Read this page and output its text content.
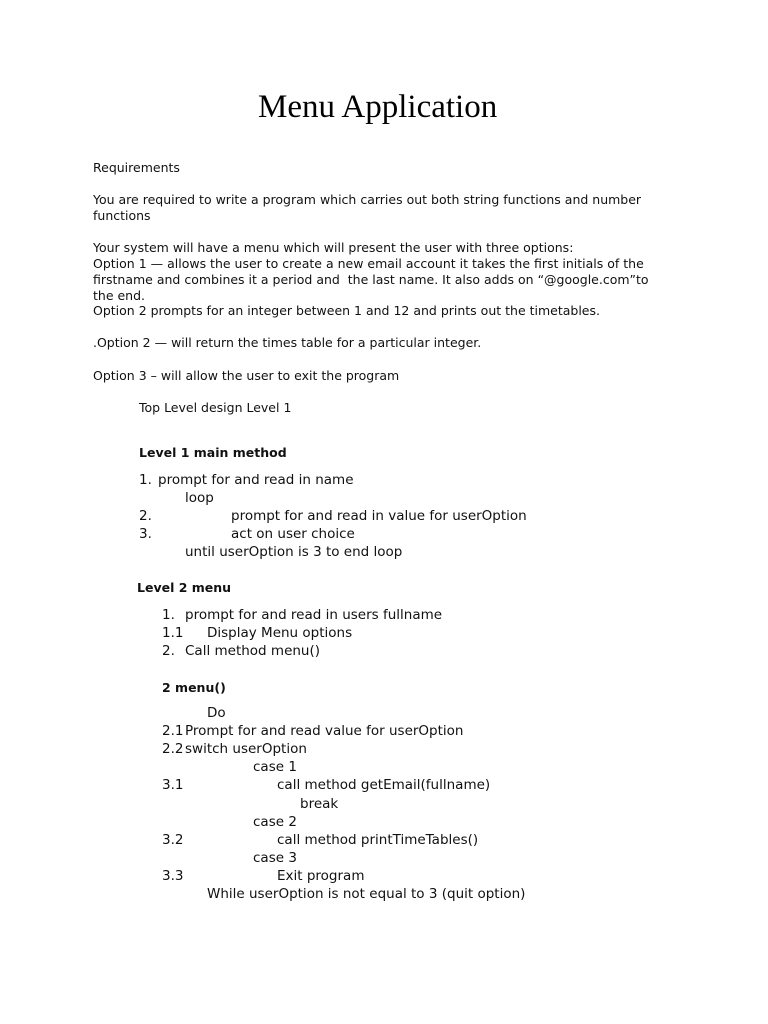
Menu Application
Requirements
You are required to write a program which carries out both string functions and number
functions
Your system will have a menu which will present the user with three options:
Option 1 — allows the user to create a new email account it takes the first initials of the
firstname and combines it a period and  the last name. It also adds on “@google.com”to
the end.
Option 2 prompts for an integer between 1 and 12 and prints out the timetables.
.Option 2 — will return the times table for a particular integer.
Option 3 – will allow the user to exit the program
Top Level design Level 1
Level 1 main method
1. prompt for and read in name
loop
2.	prompt for and read in value for userOption
3.	act on user choice
until userOption is 3 to end loop
Level 2 menu
1. prompt for and read in users fullname
1.1 Display Menu options
2. Call method menu()
2 menu()
Do
2.1 Prompt for and read value for userOption
2.2 switch userOption
case 1
3.1	call method getEmail(fullname)
break
case 2
3.2	call method printTimeTables()
case 3
3.3	Exit program
While userOption is not equal to 3 (quit option)
